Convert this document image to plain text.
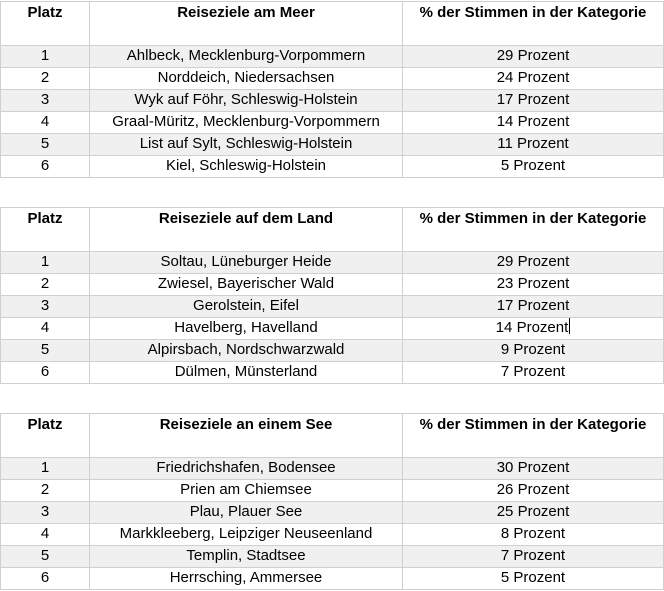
Platz	Reiseziele am Meer	% der Stimmen in der Kategorie
1	Ahlbeck, Mecklenburg-Vorpommern	29 Prozent
2	Norddeich, Niedersachsen	24 Prozent
3	Wyk auf Föhr, Schleswig-Holstein	17 Prozent
4	Graal-Müritz, Mecklenburg-Vorpommern	14 Prozent
5	List auf Sylt, Schleswig-Holstein	11 Prozent
6	Kiel, Schleswig-Holstein	5 Prozent
Platz	Reiseziele auf dem Land	% der Stimmen in der Kategorie
1	Soltau, Lüneburger Heide	29 Prozent
2	Zwiesel, Bayerischer Wald	23 Prozent
3	Gerolstein, Eifel	17 Prozent
4	Havelberg, Havelland	14 Prozent
5	Alpirsbach, Nordschwarzwald	9 Prozent
6	Dülmen, Münsterland	7 Prozent
Platz	Reiseziele an einem See	% der Stimmen in der Kategorie
1	Friedrichshafen, Bodensee	30 Prozent
2	Prien am Chiemsee	26 Prozent
3	Plau, Plauer See	25 Prozent
4	Markkleeberg, Leipziger Neuseenland	8 Prozent
5	Templin, Stadtsee	7 Prozent
6	Herrsching, Ammersee	5 Prozent
